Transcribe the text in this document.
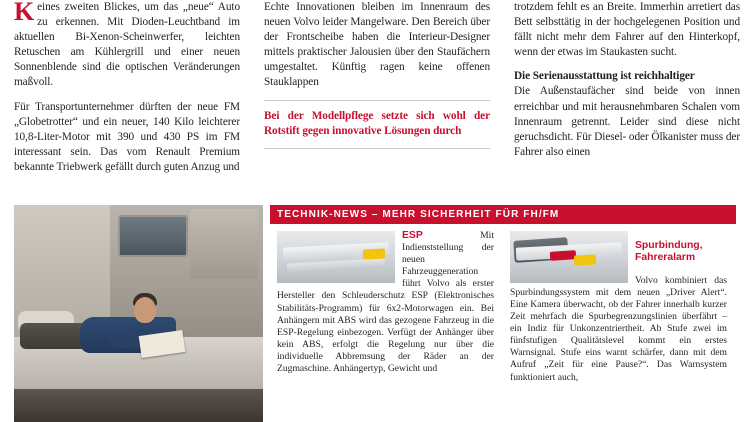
Keines zweiten Blickes, um das „neue“ Auto zu erkennen. Mit Dioden-Leuchtband im aktuellen Bi-Xenon-Scheinwerfer, leichten Retuschen am Kühlergrill und einer neuen Sonnenblende sind die optischen Veränderungen maßvoll.

Für Transportunternehmer dürften der neue FM „Globetrotter“ und ein neuer, 140 Kilo leichterer 10,8-Liter-Motor mit 390 und 430 PS im FM interessant sein. Das vom Renault Premium bekannte Triebwerk gefällt durch guten Anzug und

Echte Innovationen bleiben im Innenraum des neuen Volvo leider Mangelware. Den Bereich über der Frontscheibe haben die Interieur-Designer mittels praktischer Jalousien über den Staufächern umgestaltet. Künftig ragen keine offenen Stauklappen

Bei der Modellpflege setzte sich wohl der Rotstift gegen innovative Lösungen durch

trotzdem fehlt es an Breite. Immerhin arretiert das Bett selbsttätig in der hochgelegenen Position und fällt nicht mehr dem Fahrer auf den Hinterkopf, wenn der etwas im Staukasten sucht.

Die Serienausstattung ist reichhaltiger

Die Außenstaufächer sind beide von innen erreichbar und mit herausnehmbaren Schalen vom Innenraum getrennt. Leider sind diese nicht geruchsdicht. Für Diesel- oder Ölkanister muss der Fahrer also einen

TECHNIK-NEWS – MEHR SICHERHEIT FÜR FH/FM

ESP	Mit Indienststellung der neuen Fahrzeuggeneration führt Volvo als erster Hersteller den Schleuderschutz ESP (Elektronisches Stabilitäts-Programm) für 6x2-Motorwagen ein. Bei Anhängern mit ABS wird das gezogene Fahrzeug in die ESP-Regelung einbezogen. Verfügt der Anhänger über kein ABS, erfolgt die Regelung nur über die individuelle Abbremsung der Räder an der Zugmaschine. Anhängertyp, Gewicht und

Spurbindung, Fahreralarm

Volvo kombiniert das Spurbindungssystem mit dem neuen „Driver Alert“. Eine Kamera überwacht, ob der Fahrer innerhalb kurzer Zeit mehrfach die Spurbegrenzungslinien überfährt – ein Indiz für Unkonzentriertheit. Ab Stufe zwei im fünfstufigen Qualitätslevel kommt ein erstes Warnsignal. Stufe eins warnt schärfer, dann mit dem Aufruf „Zeit für eine Pause?“. Das Warnsystem funktioniert auch,
